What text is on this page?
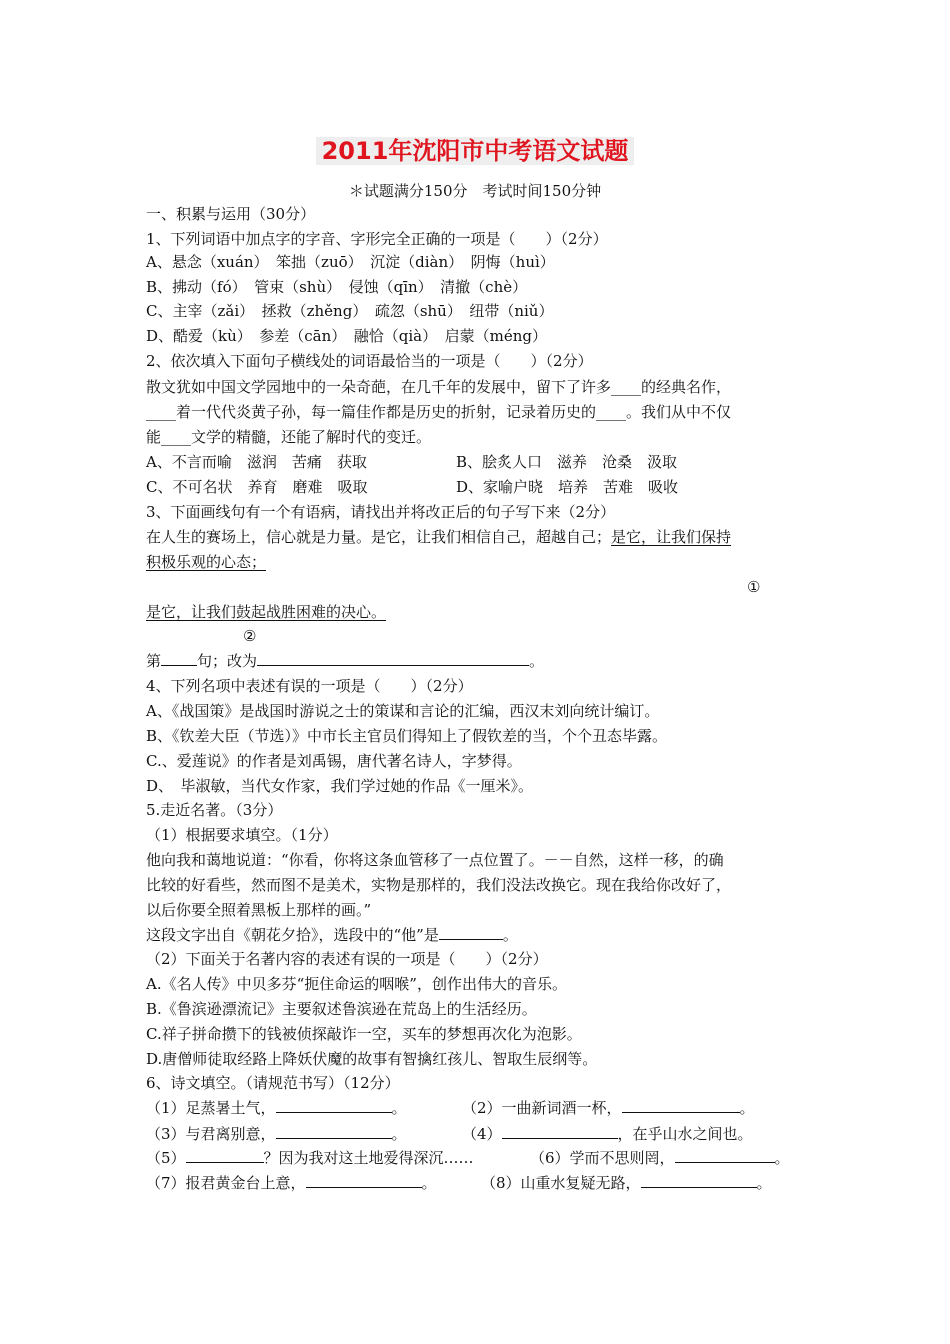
2011年沈阳市中考语文试题
＊试题满分150分　考试时间150分钟
一、积累与运用（30分）
1、下列词语中加点字的字音、字形完全正确的一项是（　　）（2分）
A、悬念（xuán）　笨拙（zuō）　沉淀（diàn）　阴悔（huì）
B、拂动（fó）　管束（shù）　侵蚀（qīn）　清撤（chè）
C、主宰（zǎi）　拯救（zhěng）　疏忽（shū）　纽带（niǔ）
D、酷爱（kù）　参差（cān）　融恰（qià）　启蒙（méng）
2、依次填入下面句子横线处的词语最恰当的一项是（　　）（2分）
散文犹如中国文学园地中的一朵奇葩，在几千年的发展中，留下了许多____的经典名作，
____着一代代炎黄子孙，每一篇佳作都是历史的折射，记录着历史的____。我们从中不仅
能____文学的精髓，还能了解时代的变迁。
A、不言而喻　滋润　苦痛　获取	B、脍炙人口　滋养　沧桑　汲取
C、不可名状　养育　磨难　吸取	D、家喻户晓　培养　苦难　吸收
3、下面画线句有一个有语病，请找出并将改正后的句子写下来（2分）
在人生的赛场上，信心就是力量。是它，让我们相信自己，超越自己；是它，让我们保持
积极乐观的心态；
①
是它，让我们鼓起战胜困难的决心。
②
第 句；改为	。
4、下列名项中表述有误的一项是（　　）（2分）
A、《战国策》是战国时游说之士的策谋和言论的汇编，西汉末刘向统计编订。
B、《钦差大臣（节选）》中市长主官员们得知上了假钦差的当，个个丑态毕露。
C.、爱莲说》的作者是刘禹锡，唐代著名诗人，字梦得。
D、　毕淑敏，当代女作家，我们学过她的作品《一厘米》。
5.走近名著。（3分）
（1）根据要求填空。（1分）
他向我和蔼地说道：“你看，你将这条血管移了一点位置了。－－自然，这样一移，的确
比较的好看些，然而图不是美术，实物是那样的，我们没法改换它。现在我给你改好了，
以后你要全照着黑板上那样的画。”
这段文字出自《朝花夕拾》，选段中的“他”是	。
（2）下面关于名著内容的表述有误的一项是（　　）（2分）
A.《名人传》中贝多芬“扼住命运的咽喉”，创作出伟大的音乐。
B.《鲁滨逊漂流记》主要叙述鲁滨逊在荒岛上的生活经历。
C.祥子拼命攒下的钱被侦探敲诈一空，买车的梦想再次化为泡影。
D.唐僧师徒取经路上降妖伏魔的故事有智擒红孩儿、智取生辰纲等。
6、诗文填空。（请规范书写）（12分）
（1）足蒸暑土气，	。	（2）一曲新词酒一杯，	。
（3）与君离别意，	。	（4）	，在乎山水之间也。
（5）	？因为我对这土地爱得深沉……	（6）学而不思则罔，	。
（7）报君黄金台上意，	。	（8）山重水复疑无路，	。
